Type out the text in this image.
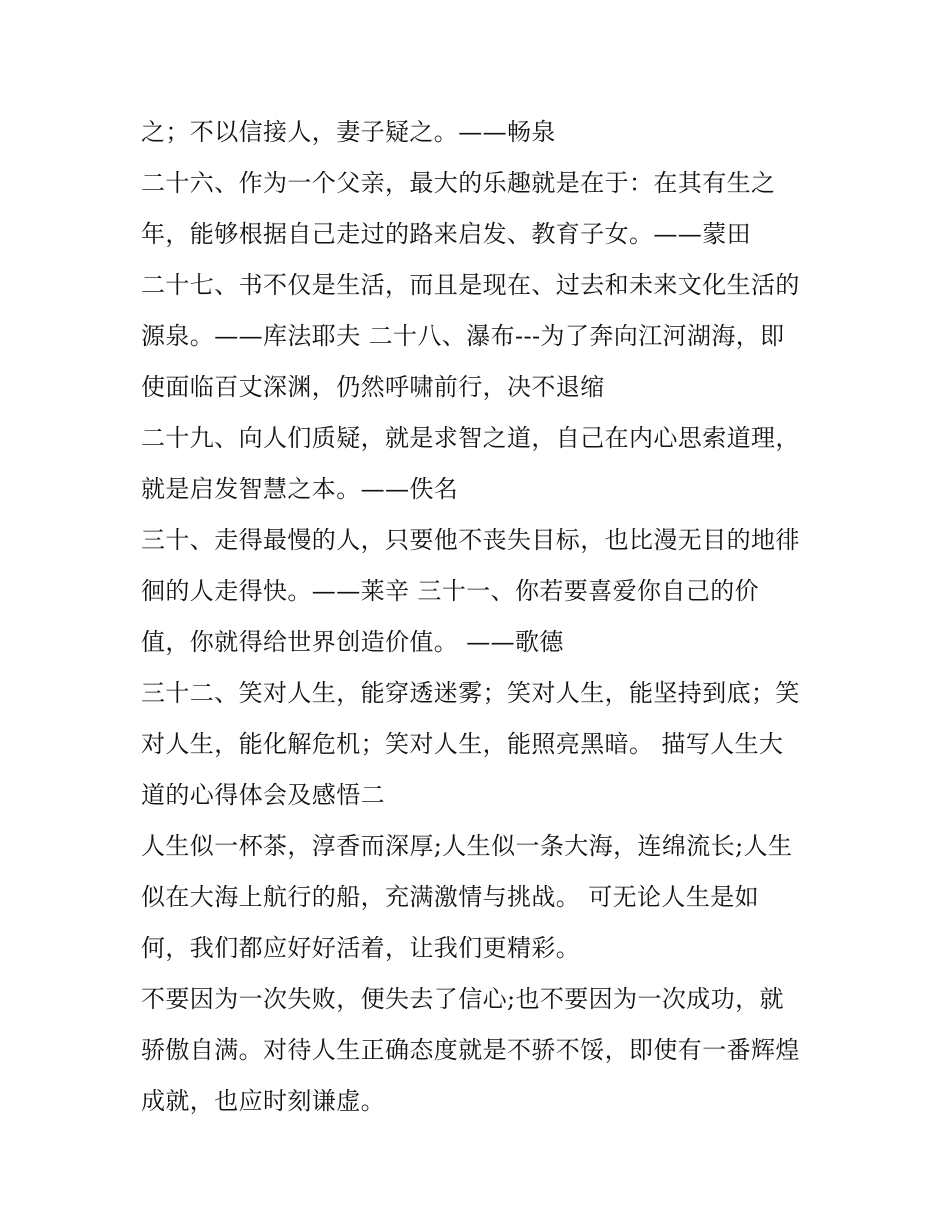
之；不以信接人，妻子疑之。——畅泉
二十六、作为一个父亲，最大的乐趣就是在于：在其有生之
年，能够根据自己走过的路来启发、教育子女。——蒙田
二十七、书不仅是生活，而且是现在、过去和未来文化生活的
源泉。——库法耶夫 二十八、瀑布---为了奔向江河湖海，即
使面临百丈深渊，仍然呼啸前行，决不退缩
二十九、向人们质疑，就是求智之道，自己在内心思索道理，
就是启发智慧之本。——佚名
三十、走得最慢的人，只要他不丧失目标，也比漫无目的地徘
徊的人走得快。——莱辛 三十一、你若要喜爱你自己的价
值，你就得给世界创造价值。 ——歌德
三十二、笑对人生，能穿透迷雾；笑对人生，能坚持到底；笑
对人生，能化解危机；笑对人生，能照亮黑暗。 描写人生大
道的心得体会及感悟二
人生似一杯茶，淳香而深厚;人生似一条大海，连绵流长;人生
似在大海上航行的船，充满激情与挑战。 可无论人生是如
何，我们都应好好活着，让我们更精彩。
不要因为一次失败，便失去了信心;也不要因为一次成功，就
骄傲自满。对待人生正确态度就是不骄不馁，即使有一番辉煌
成就，也应时刻谦虚。
